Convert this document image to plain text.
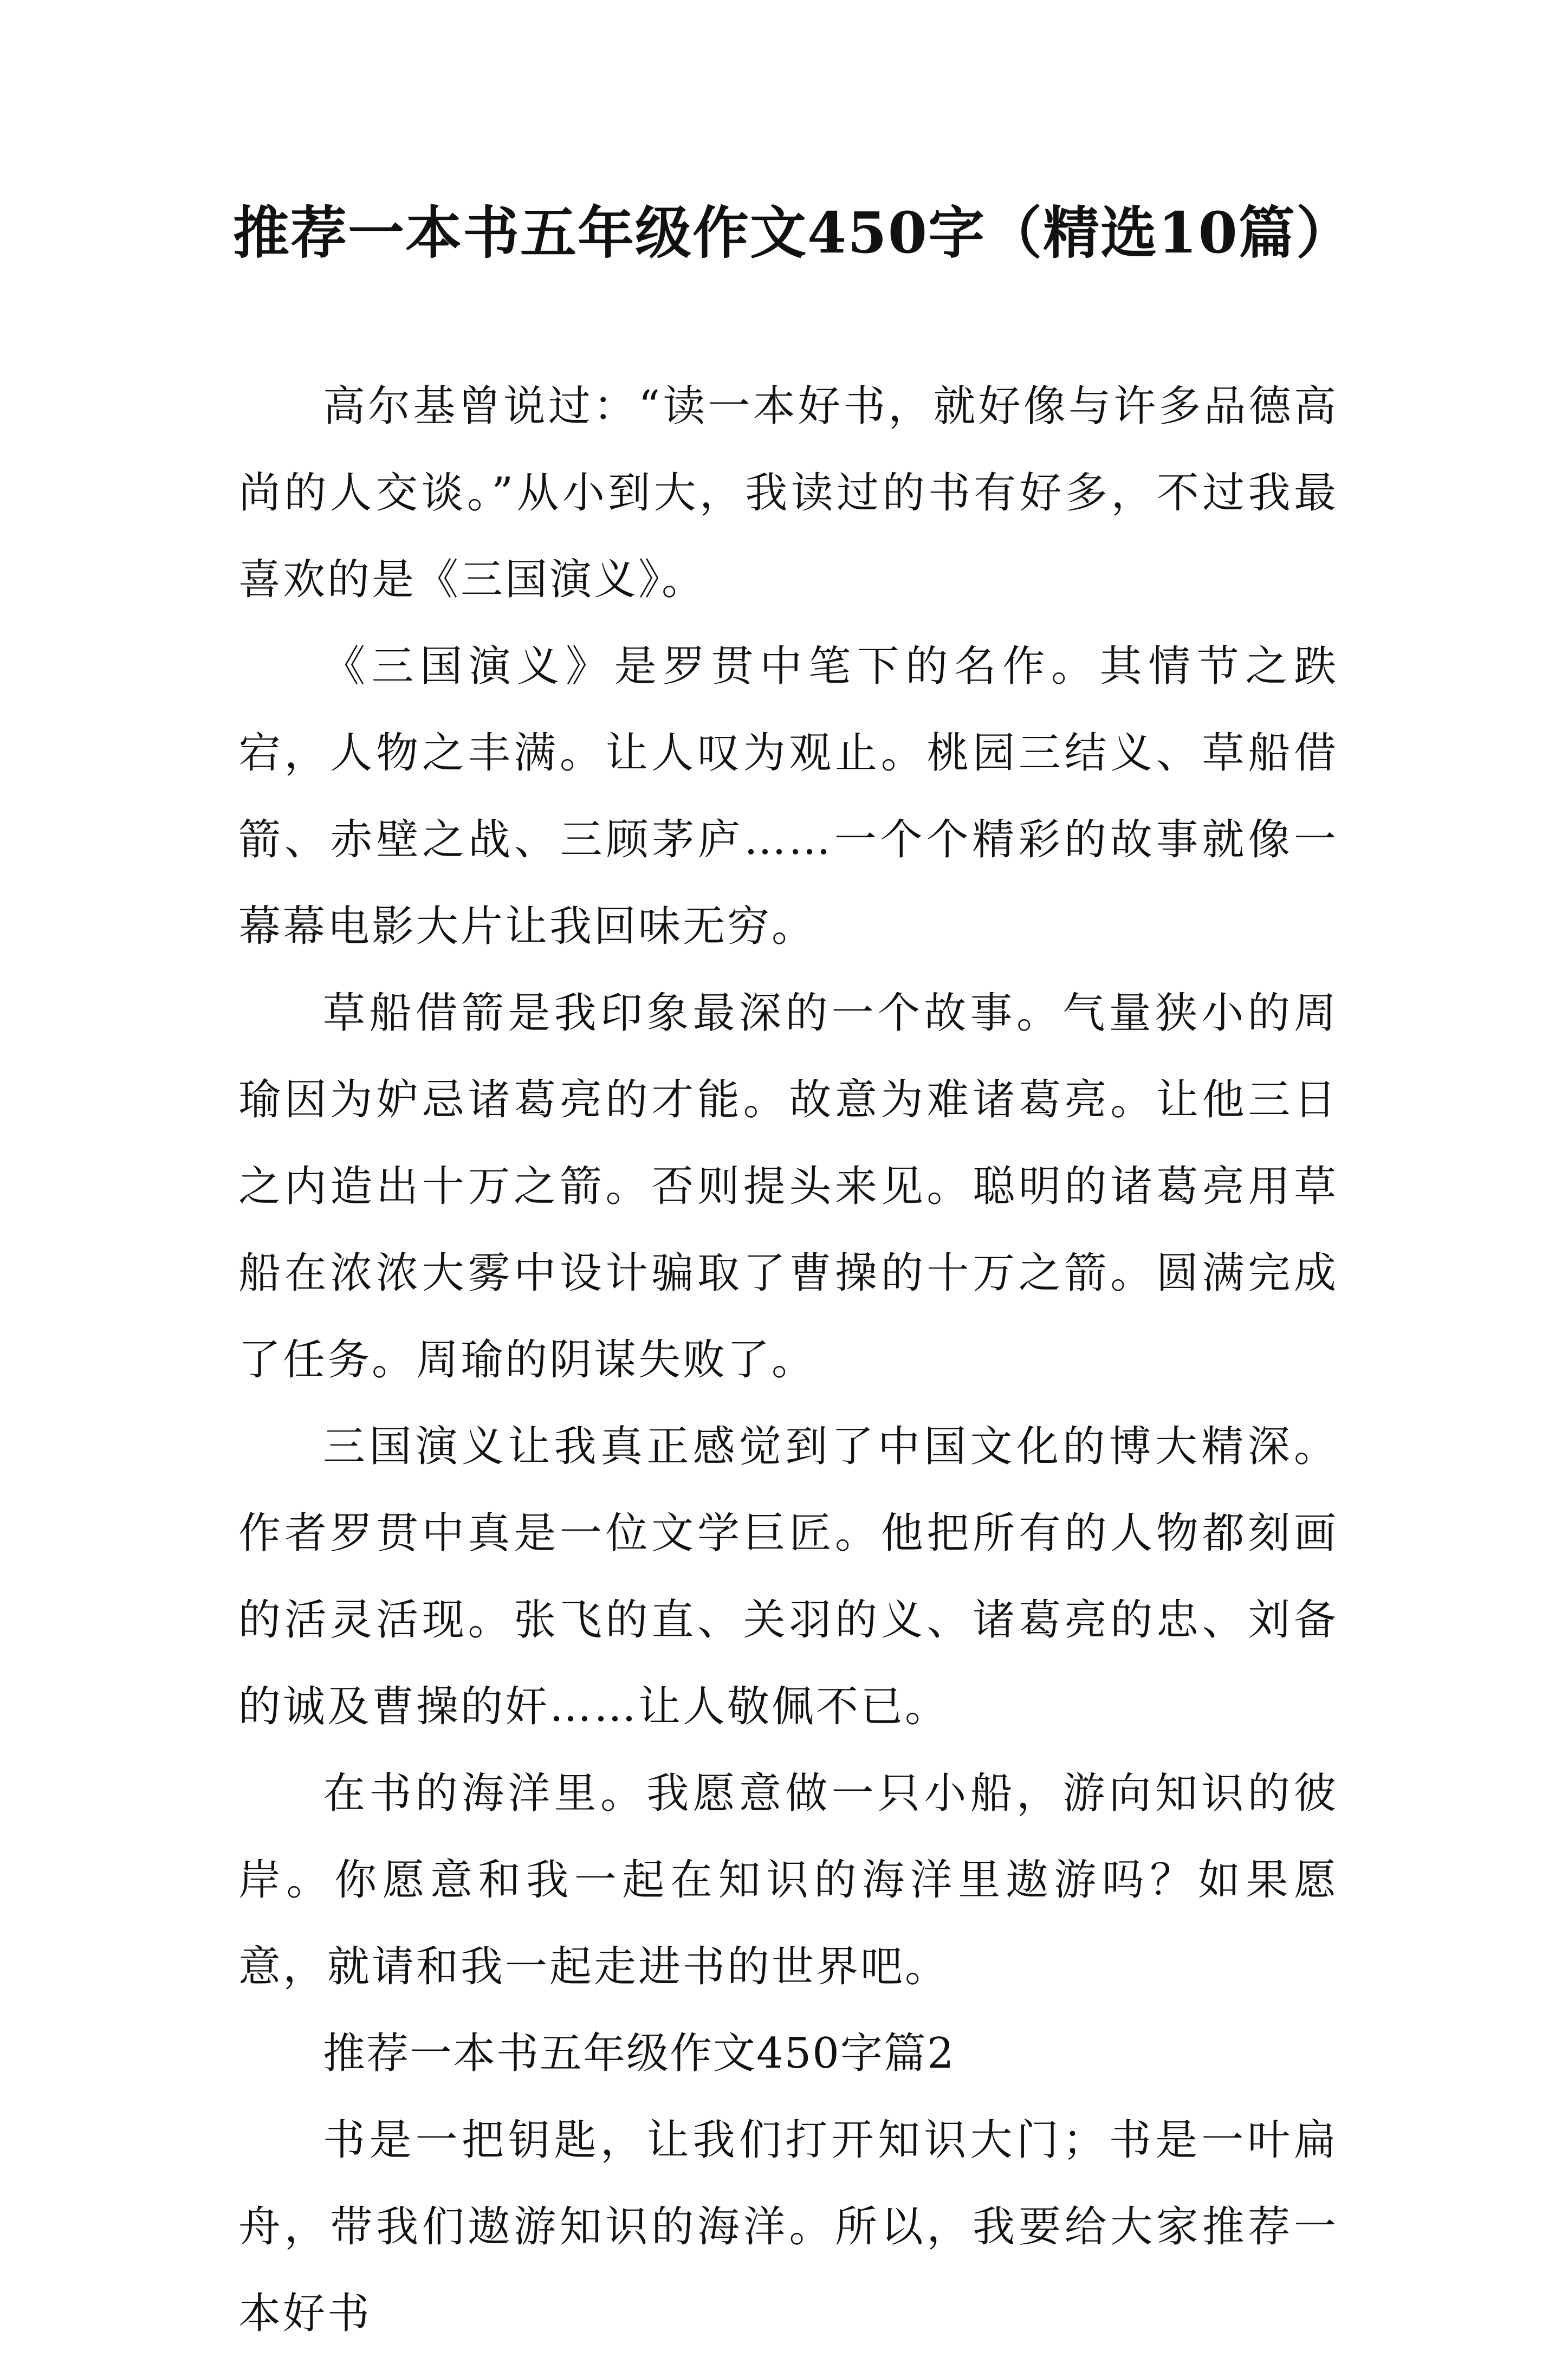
推荐一本书五年级作文450字（精选10篇）

高尔基曾说过：“读一本好书，就好像与许多品德高尚的人交谈。”从小到大，我读过的书有好多，不过我最喜欢的是《三国演义》。

《三国演义》是罗贯中笔下的名作。其情节之跌宕，人物之丰满。让人叹为观止。桃园三结义、草船借箭、赤壁之战、三顾茅庐……一个个精彩的故事就像一幕幕电影大片让我回味无穷。

草船借箭是我印象最深的一个故事。气量狭小的周瑜因为妒忌诸葛亮的才能。故意为难诸葛亮。让他三日之内造出十万之箭。否则提头来见。聪明的诸葛亮用草船在浓浓大雾中设计骗取了曹操的十万之箭。圆满完成了任务。周瑜的阴谋失败了。

三国演义让我真正感觉到了中国文化的博大精深。作者罗贯中真是一位文学巨匠。他把所有的人物都刻画的活灵活现。张飞的直、关羽的义、诸葛亮的忠、刘备的诚及曹操的奸……让人敬佩不已。

在书的海洋里。我愿意做一只小船，游向知识的彼岸。你愿意和我一起在知识的海洋里遨游吗？如果愿意，就请和我一起走进书的世界吧。

推荐一本书五年级作文450字篇2

书是一把钥匙，让我们打开知识大门；书是一叶扁舟，带我们遨游知识的海洋。所以，我要给大家推荐一本好书
